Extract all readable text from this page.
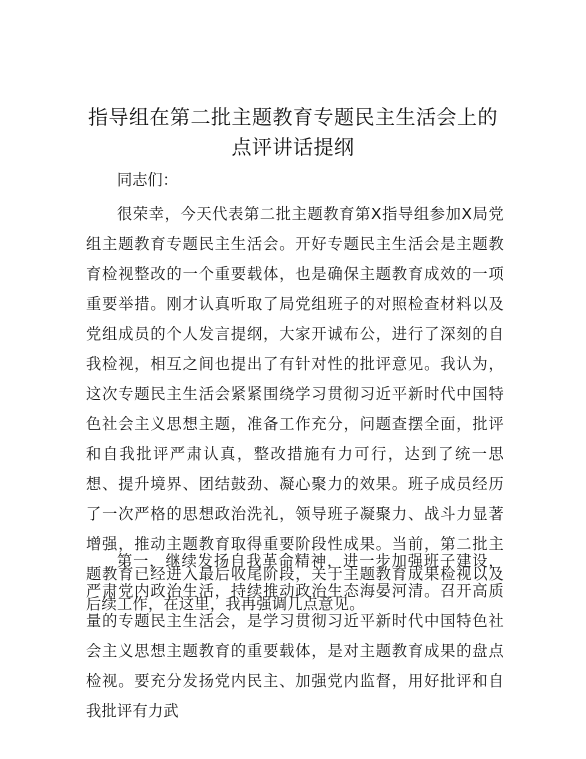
指导组在第二批主题教育专题民主生活会上的
点评讲话提纲

同志们：

很荣幸，今天代表第二批主题教育第X指导组参加X局党组主题教育专题民主生活会。开好专题民主生活会是主题教育检视整改的一个重要载体，也是确保主题教育成效的一项重要举措。刚才认真听取了局党组班子的对照检查材料以及党组成员的个人发言提纲，大家开诚布公，进行了深刻的自我检视，相互之间也提出了有针对性的批评意见。我认为，这次专题民主生活会紧紧围绕学习贯彻习近平新时代中国特色社会主义思想主题，准备工作充分，问题查摆全面，批评和自我批评严肃认真，整改措施有力可行，达到了统一思想、提升境界、团结鼓劲、凝心聚力的效果。班子成员经历了一次严格的思想政治洗礼，领导班子凝聚力、战斗力显著增强，推动主题教育取得重要阶段性成果。当前，第二批主题教育已经进入最后收尾阶段，关于主题教育成果检视以及后续工作，在这里，我再强调几点意见。

第一，继续发扬自我革命精神，进一步加强班子建设，严肃党内政治生活，持续推动政治生态海晏河清。召开高质量的专题民主生活会，是学习贯彻习近平新时代中国特色社会主义思想主题教育的重要载体，是对主题教育成果的盘点检视。要充分发扬党内民主、加强党内监督，用好批评和自我批评有力武
